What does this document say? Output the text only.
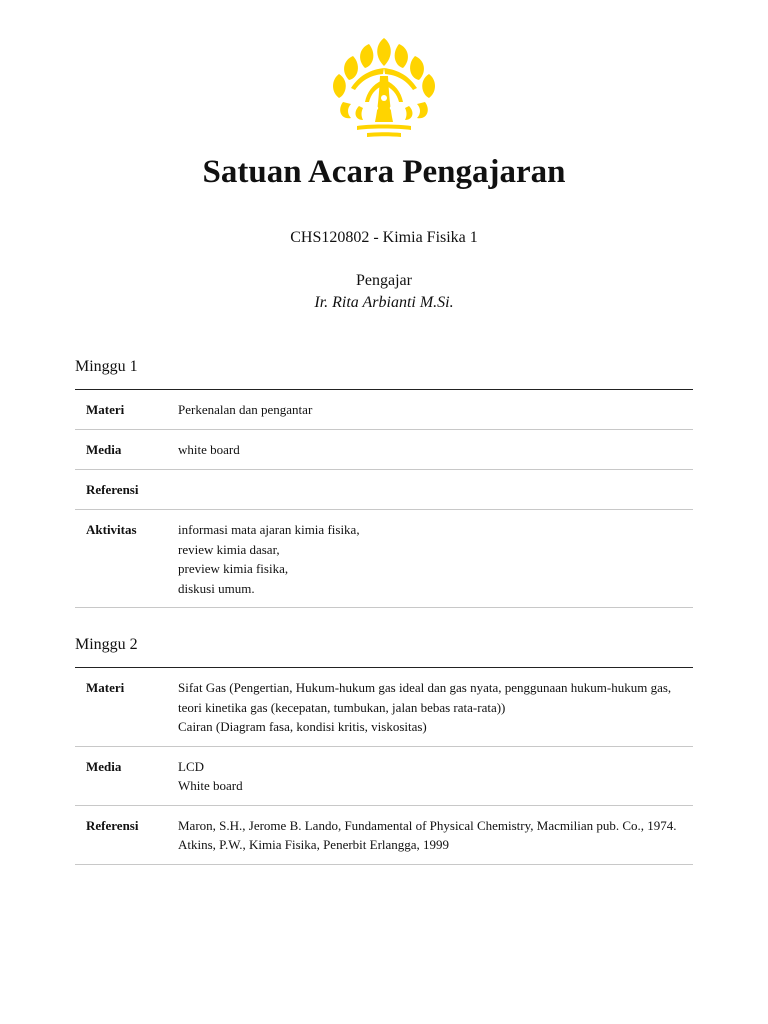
Satuan Acara Pengajaran
CHS120802 - Kimia Fisika 1
Pengajar
Ir. Rita Arbianti M.Si.
Minggu 1
Materi	Perkenalan dan pengantar
Media	white board
Referensi
Aktivitas	informasi mata ajaran kimia fisika,
review kimia dasar,
preview kimia fisika,
diskusi umum.
Minggu 2
Materi	Sifat Gas (Pengertian, Hukum-hukum gas ideal dan gas nyata, penggunaan hukum-hukum gas, teori kinetika gas (kecepatan, tumbukan, jalan bebas rata-rata))
Cairan (Diagram fasa, kondisi kritis, viskositas)
Media	LCD
White board
Referensi	Maron, S.H., Jerome B. Lando, Fundamental of Physical Chemistry, Macmilian pub. Co., 1974.
Atkins, P.W., Kimia Fisika, Penerbit Erlangga, 1999
